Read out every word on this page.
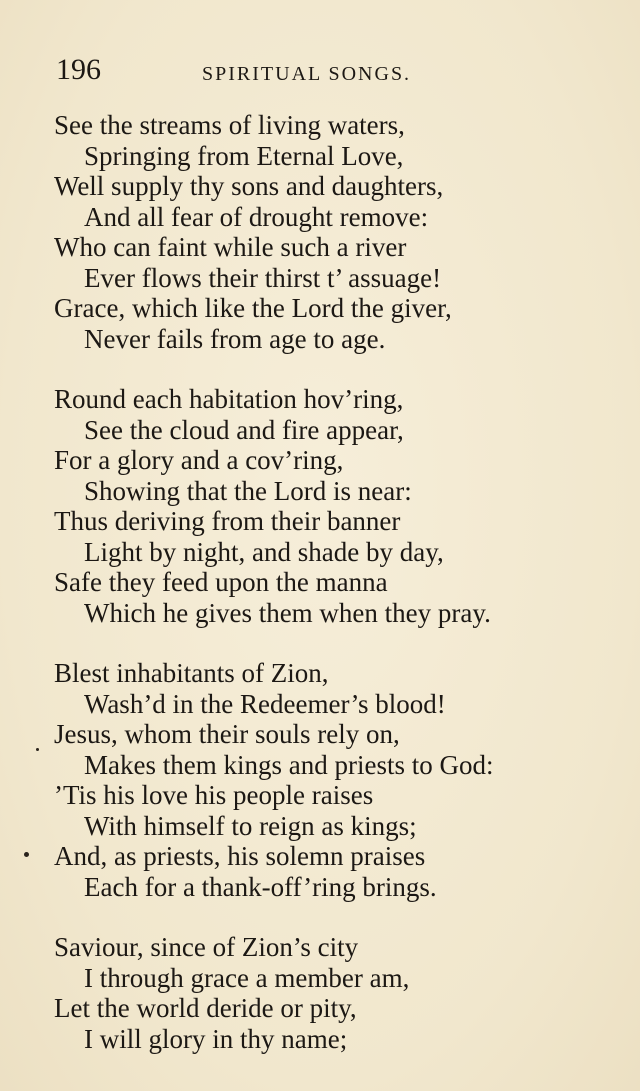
196	SPIRITUAL SONGS.
See the streams of living waters,
Springing from Eternal Love,
Well supply thy sons and daughters,
And all fear of drought remove:
Who can faint while such a river
Ever flows their thirst t’ assuage!
Grace, which like the Lord the giver,
Never fails from age to age.
Round each habitation hov’ring,
See the cloud and fire appear,
For a glory and a cov’ring,
Showing that the Lord is near:
Thus deriving from their banner
Light by night, and shade by day,
Safe they feed upon the manna
Which he gives them when they pray.
Blest inhabitants of Zion,
Wash’d in the Redeemer’s blood!
Jesus, whom their souls rely on,
Makes them kings and priests to God:
’Tis his love his people raises
With himself to reign as kings;
And, as priests, his solemn praises
Each for a thank-off’ring brings.
Saviour, since of Zion’s city
I through grace a member am,
Let the world deride or pity,
I will glory in thy name;
